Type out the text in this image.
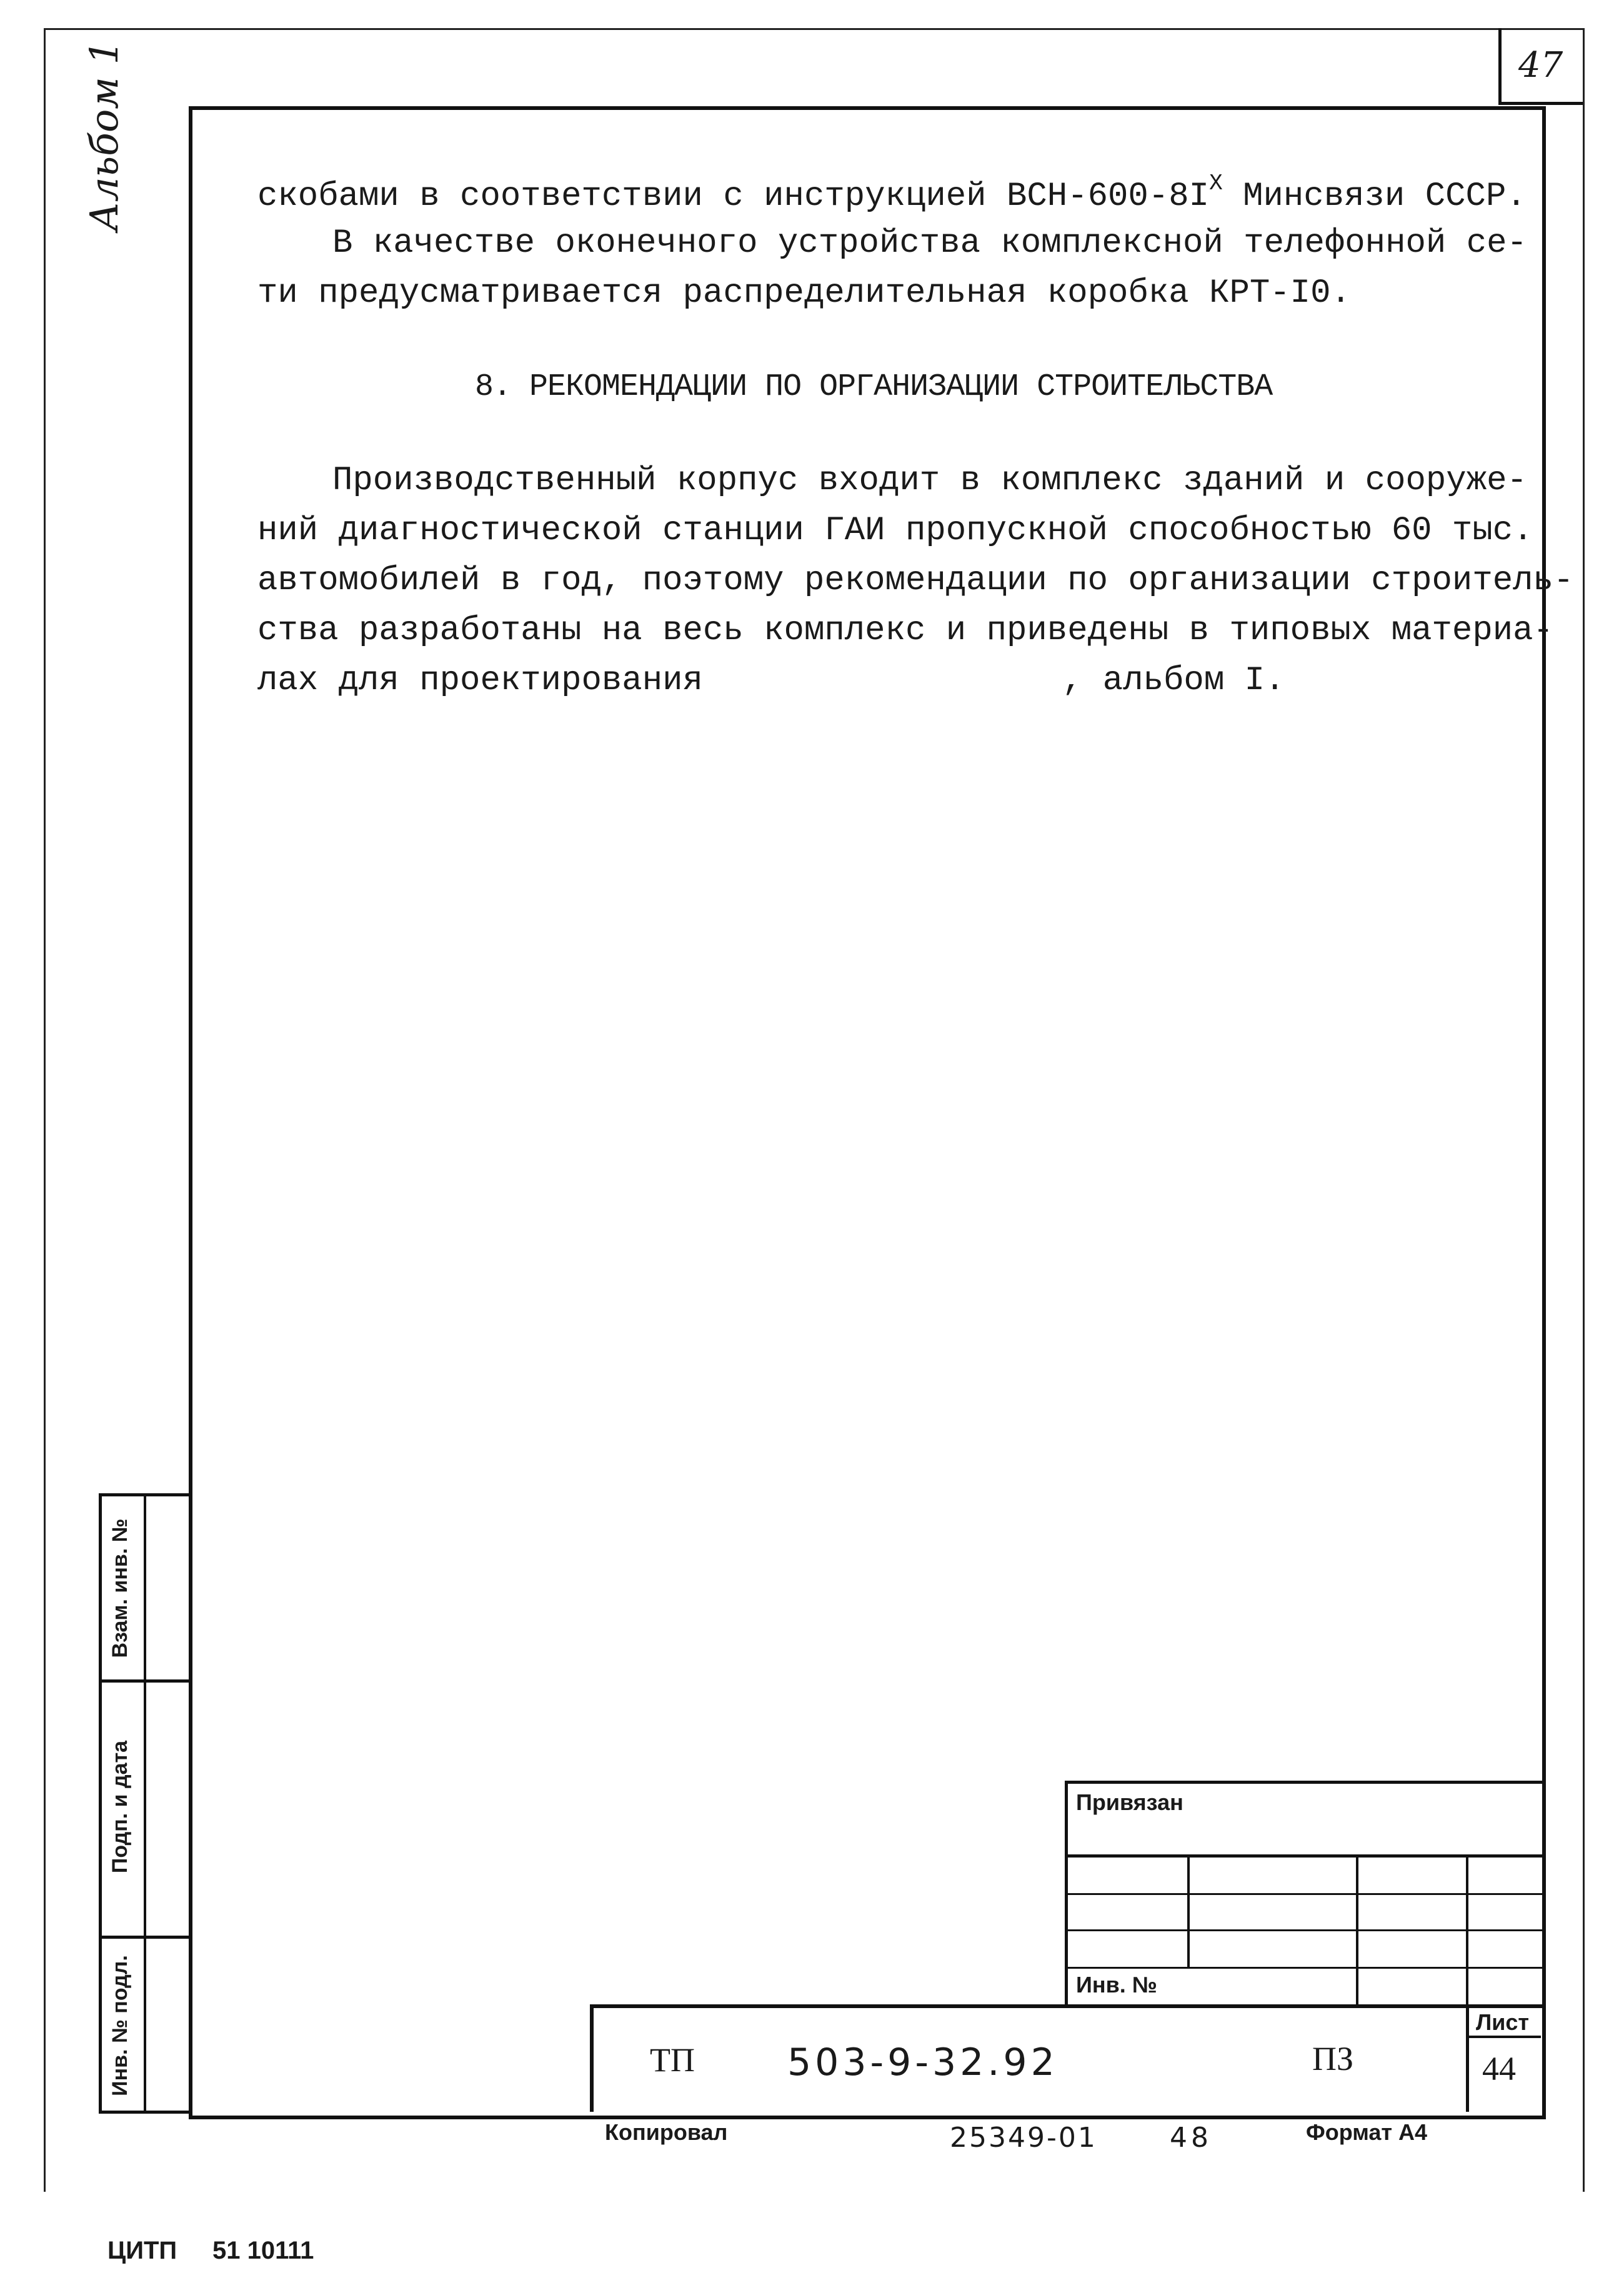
47
Альбом 1	скобами в соответствии с инструкцией ВСН-$600-8I^X$ Минсвязи СССР.
В качестве оконечного устройства комплексной телефонной се-
ти предусматривается распределительная коробка КРТ-I0.
8. РЕКОМЕНДАЦИИ ПО ОРГАНИЗАЦИИ СТРОИТЕЛЬСТВА
Производственный корпус входит в комплекс зданий и сооруже-
ний диагностической станции ГАИ пропускной способностью 60 тыс.
автомобилей в год, поэтому рекомендации по организации строитель-
ства разработаны на весь комплекс и приведены в типовых материа-
лах для проектирования	, альбом I.
Взам. инв. №
Подп. и дата
Инв. № подл.
Привязан
Инв. №
Лист
44
ТП 503-9-32.92	ПЗ
Копировал	25349-01	48	Формат А4
ЦИТП 51 10111
